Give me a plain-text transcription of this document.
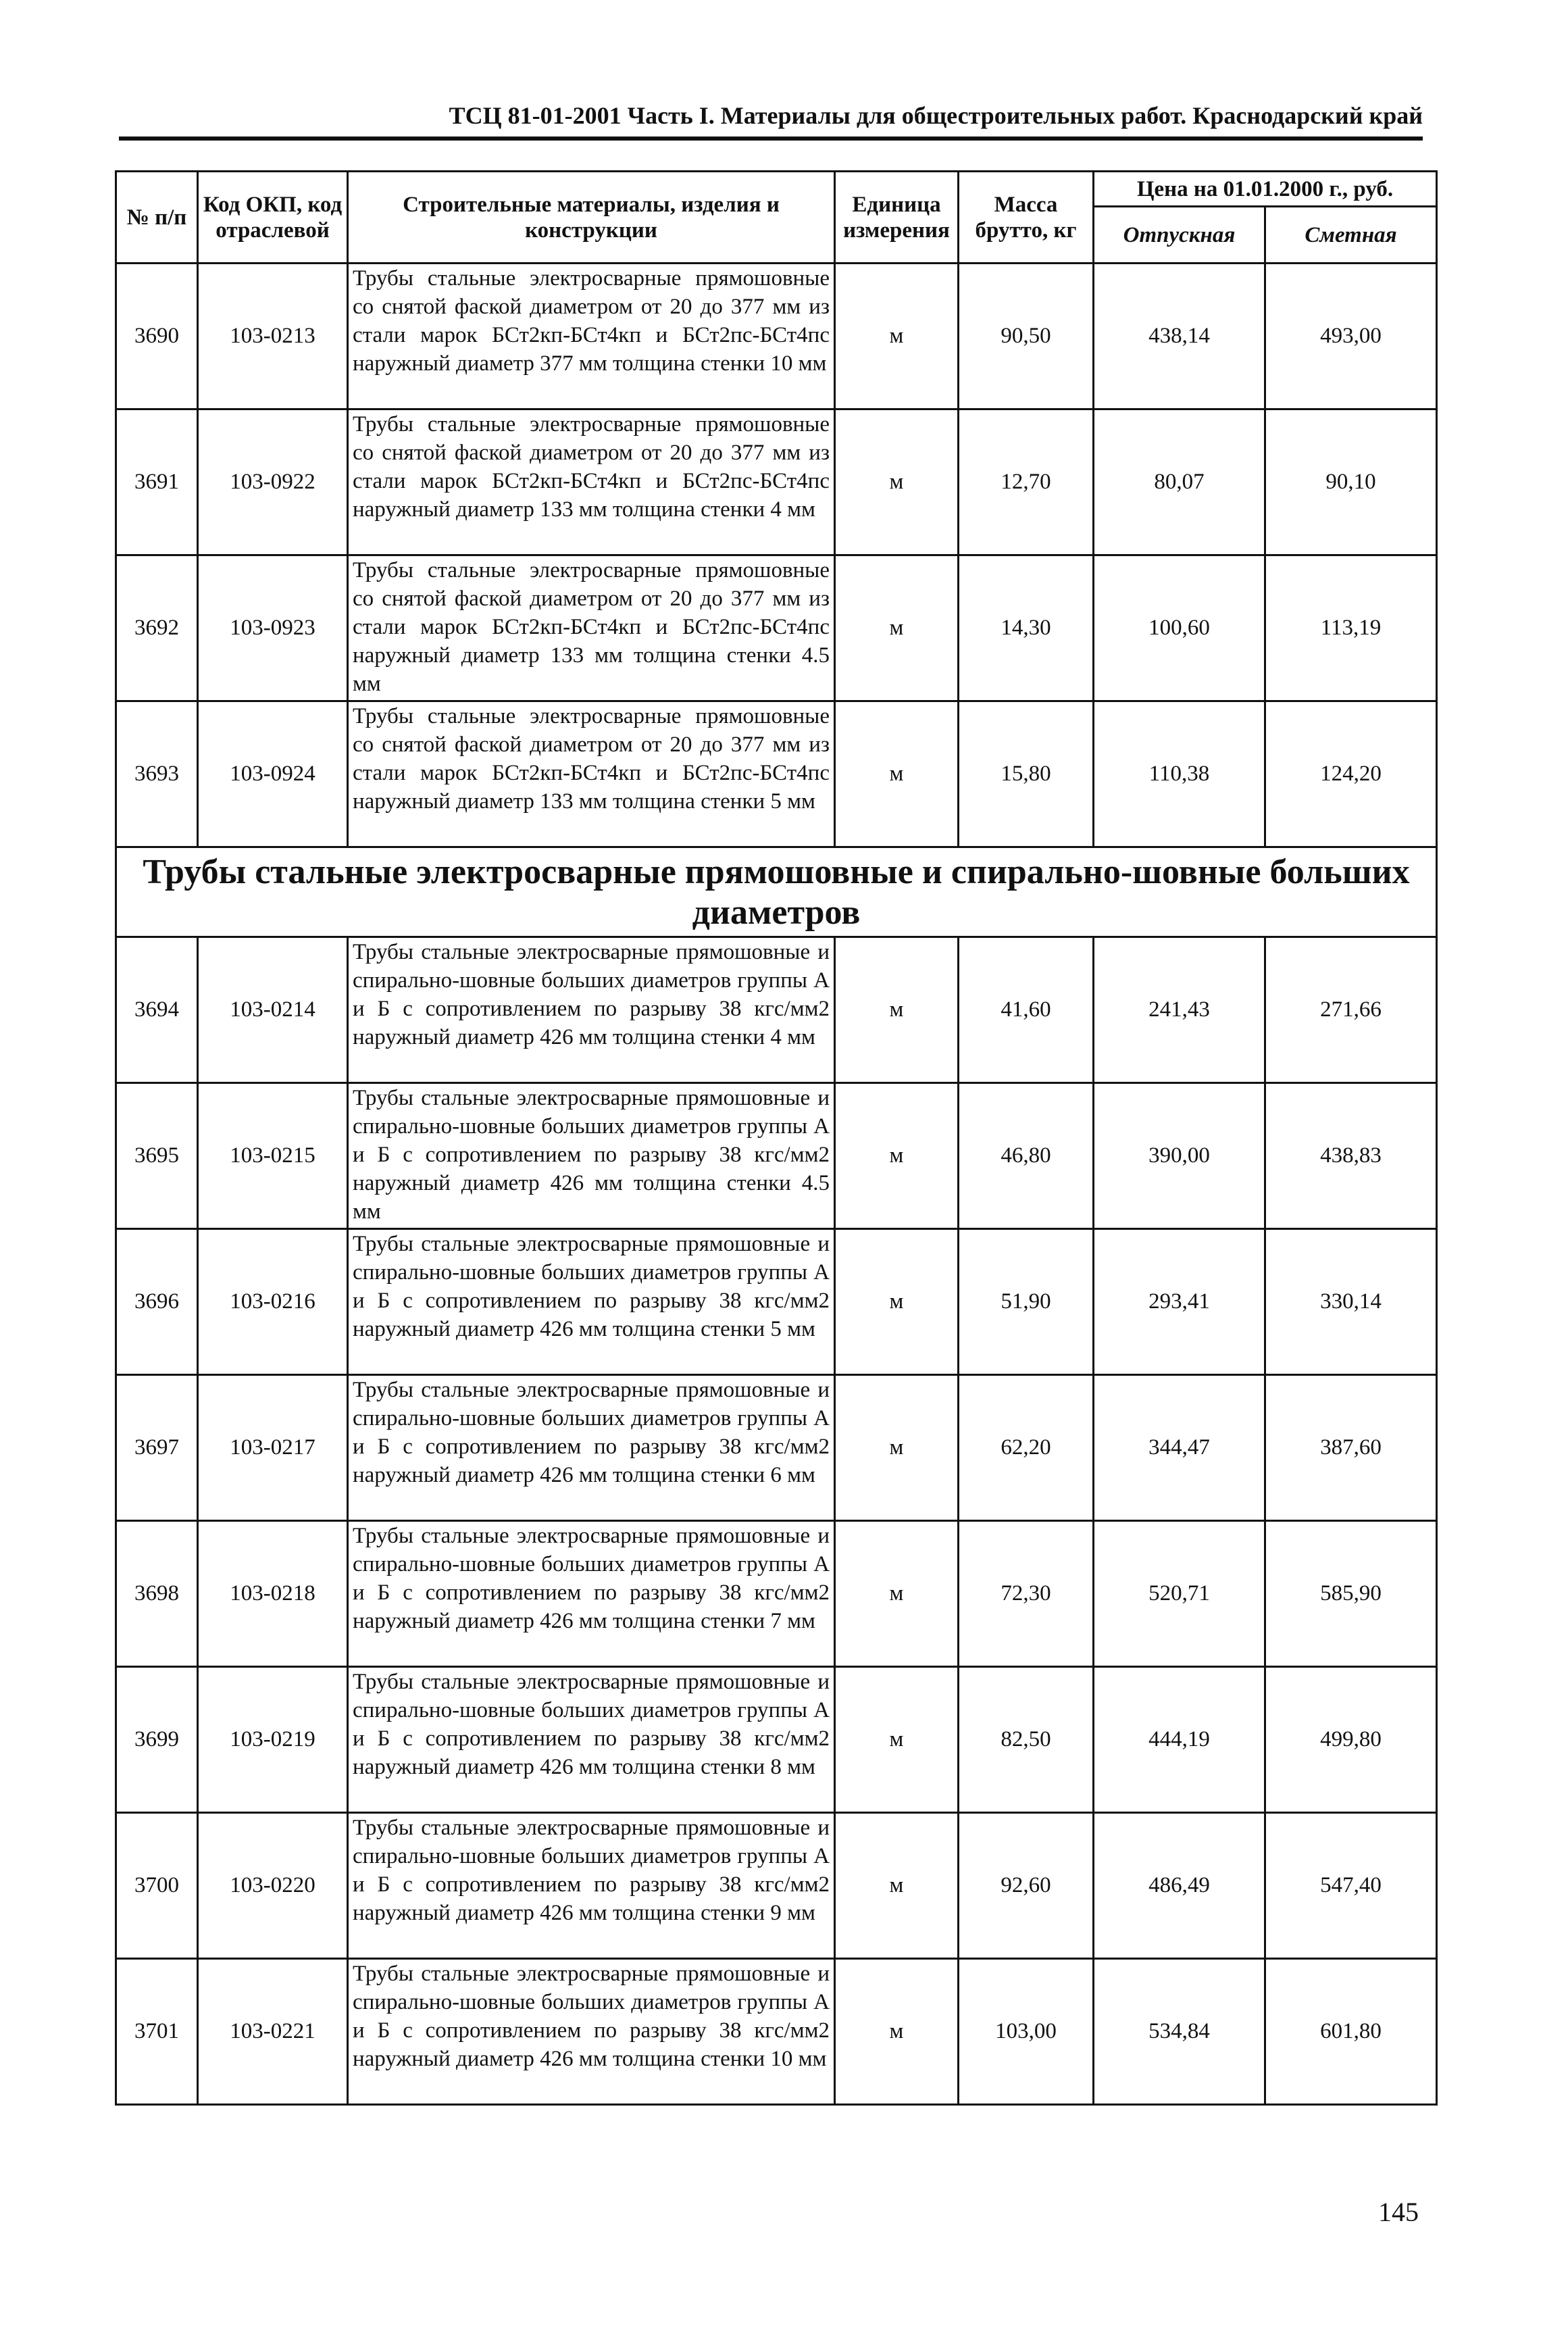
ТСЦ 81-01-2001 Часть I. Материалы для общестроительных работ. Краснодарский край
№ п/п	Код ОКП, код отраслевой	Строительные материалы, изделия и конструкции	Единица измерения	Масса брутто, кг	Цена на 01.01.2000 г., руб.	
					Отпускная	Сметная
3690	103-0213	Трубы стальные электросварные прямошовные со снятой фаской диаметром от 20 до 377 мм из стали марок БСт2кп-БСт4кп и БСт2пс-БСт4пс наружный диаметр 377 мм толщина стенки 10 мм	м	90,50	438,14	493,00
3691	103-0922	Трубы стальные электросварные прямошовные со снятой фаской диаметром от 20 до 377 мм из стали марок БСт2кп-БСт4кп и БСт2пс-БСт4пс наружный диаметр 133 мм толщина стенки 4 мм	м	12,70	80,07	90,10
3692	103-0923	Трубы стальные электросварные прямошовные со снятой фаской диаметром от 20 до 377 мм из стали марок БСт2кп-БСт4кп и БСт2пс-БСт4пс наружный диаметр 133 мм толщина стенки 4.5 мм	м	14,30	100,60	113,19
3693	103-0924	Трубы стальные электросварные прямошовные со снятой фаской диаметром от 20 до 377 мм из стали марок БСт2кп-БСт4кп и БСт2пс-БСт4пс наружный диаметр 133 мм толщина стенки 5 мм	м	15,80	110,38	124,20
Трубы стальные электросварные прямошовные и спирально-шовные больших диаметров						
3694	103-0214	Трубы стальные электросварные прямошовные и спирально-шовные больших диаметров группы А и Б с сопротивлением по разрыву 38 кгс/мм2 наружный диаметр 426 мм толщина стенки 4 мм	м	41,60	241,43	271,66
3695	103-0215	Трубы стальные электросварные прямошовные и спирально-шовные больших диаметров группы А и Б с сопротивлением по разрыву 38 кгс/мм2 наружный диаметр 426 мм толщина стенки 4.5 мм	м	46,80	390,00	438,83
3696	103-0216	Трубы стальные электросварные прямошовные и спирально-шовные больших диаметров группы А и Б с сопротивлением по разрыву 38 кгс/мм2 наружный диаметр 426 мм толщина стенки 5 мм	м	51,90	293,41	330,14
3697	103-0217	Трубы стальные электросварные прямошовные и спирально-шовные больших диаметров группы А и Б с сопротивлением по разрыву 38 кгс/мм2 наружный диаметр 426 мм толщина стенки 6 мм	м	62,20	344,47	387,60
3698	103-0218	Трубы стальные электросварные прямошовные и спирально-шовные больших диаметров группы А и Б с сопротивлением по разрыву 38 кгс/мм2 наружный диаметр 426 мм толщина стенки 7 мм	м	72,30	520,71	585,90
3699	103-0219	Трубы стальные электросварные прямошовные и спирально-шовные больших диаметров группы А и Б с сопротивлением по разрыву 38 кгс/мм2 наружный диаметр 426 мм толщина стенки 8 мм	м	82,50	444,19	499,80
3700	103-0220	Трубы стальные электросварные прямошовные и спирально-шовные больших диаметров группы А и Б с сопротивлением по разрыву 38 кгс/мм2 наружный диаметр 426 мм толщина стенки 9 мм	м	92,60	486,49	547,40
3701	103-0221	Трубы стальные электросварные прямошовные и спирально-шовные больших диаметров группы А и Б с сопротивлением по разрыву 38 кгс/мм2 наружный диаметр 426 мм толщина стенки 10 мм	м	103,00	534,84	601,80
145
